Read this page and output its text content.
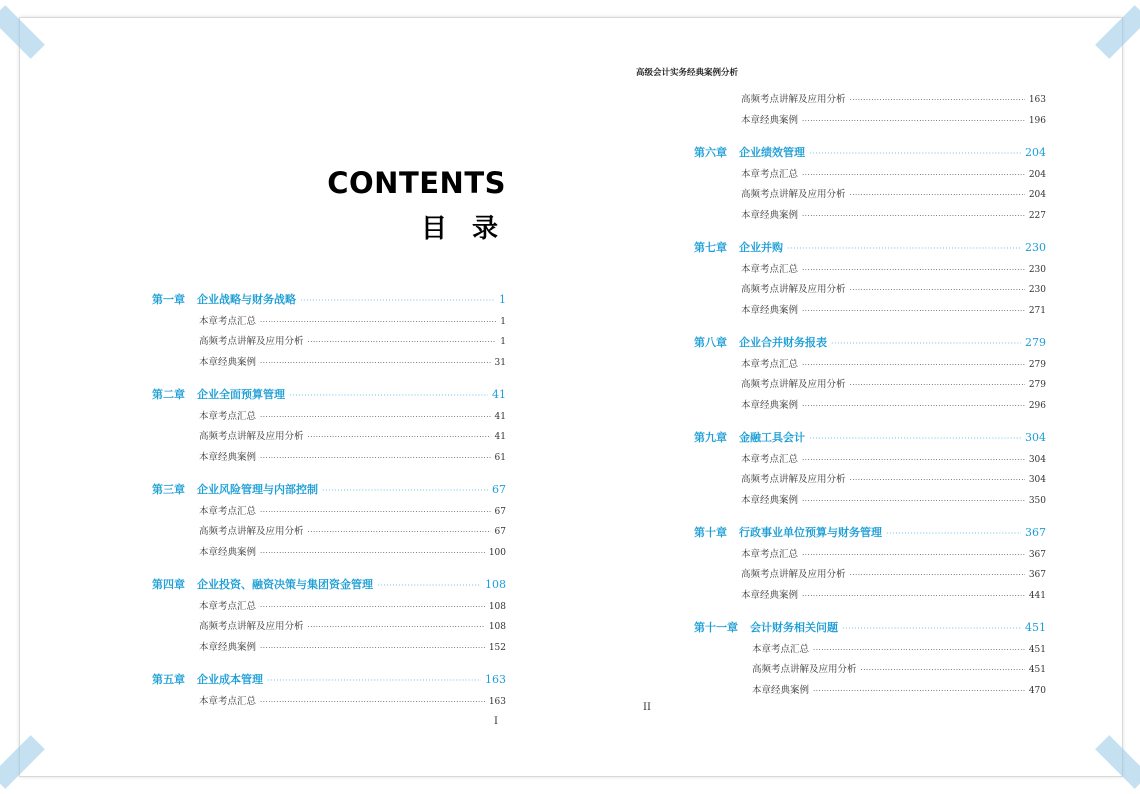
CONTENTS
目 录
高级会计实务经典案例分析
第一章 企业战略与财务战略 ·····	1
本章考点汇总 ·····	1
高频考点讲解及应用分析 ·····	1
本章经典案例 ·····	31
第二章 企业全面预算管理 ·····	41
本章考点汇总 ·····	41
高频考点讲解及应用分析 ·····	41
本章经典案例 ·····	61
第三章 企业风险管理与内部控制 ·····	67
本章考点汇总 ·····	67
高频考点讲解及应用分析 ·····	67
本章经典案例 ·····	100
第四章 企业投资、融资决策与集团资金管理 ·····	108
本章考点汇总 ·····	108
高频考点讲解及应用分析 ·····	108
本章经典案例 ·····	152
第五章 企业成本管理 ·····	163
本章考点汇总 ·····	163
高频考点讲解及应用分析 ·····	163
本章经典案例 ·····	196
第六章 企业绩效管理 ·····	204
本章考点汇总 ·····	204
高频考点讲解及应用分析 ·····	204
本章经典案例 ·····	227
第七章 企业并购 ·····	230
本章考点汇总 ·····	230
高频考点讲解及应用分析 ·····	230
本章经典案例 ·····	271
第八章 企业合并财务报表 ·····	279
本章考点汇总 ·····	279
高频考点讲解及应用分析 ·····	279
本章经典案例 ·····	296
第九章 金融工具会计 ·····	304
本章考点汇总 ·····	304
高频考点讲解及应用分析 ·····	304
本章经典案例 ·····	350
第十章 行政事业单位预算与财务管理 ·····	367
本章考点汇总 ·····	367
高频考点讲解及应用分析 ·····	367
本章经典案例 ·····	441
第十一章 会计财务相关问题 ·····	451
本章考点汇总 ·····	451
高频考点讲解及应用分析 ·····	451
本章经典案例 ·····	470
I
II
